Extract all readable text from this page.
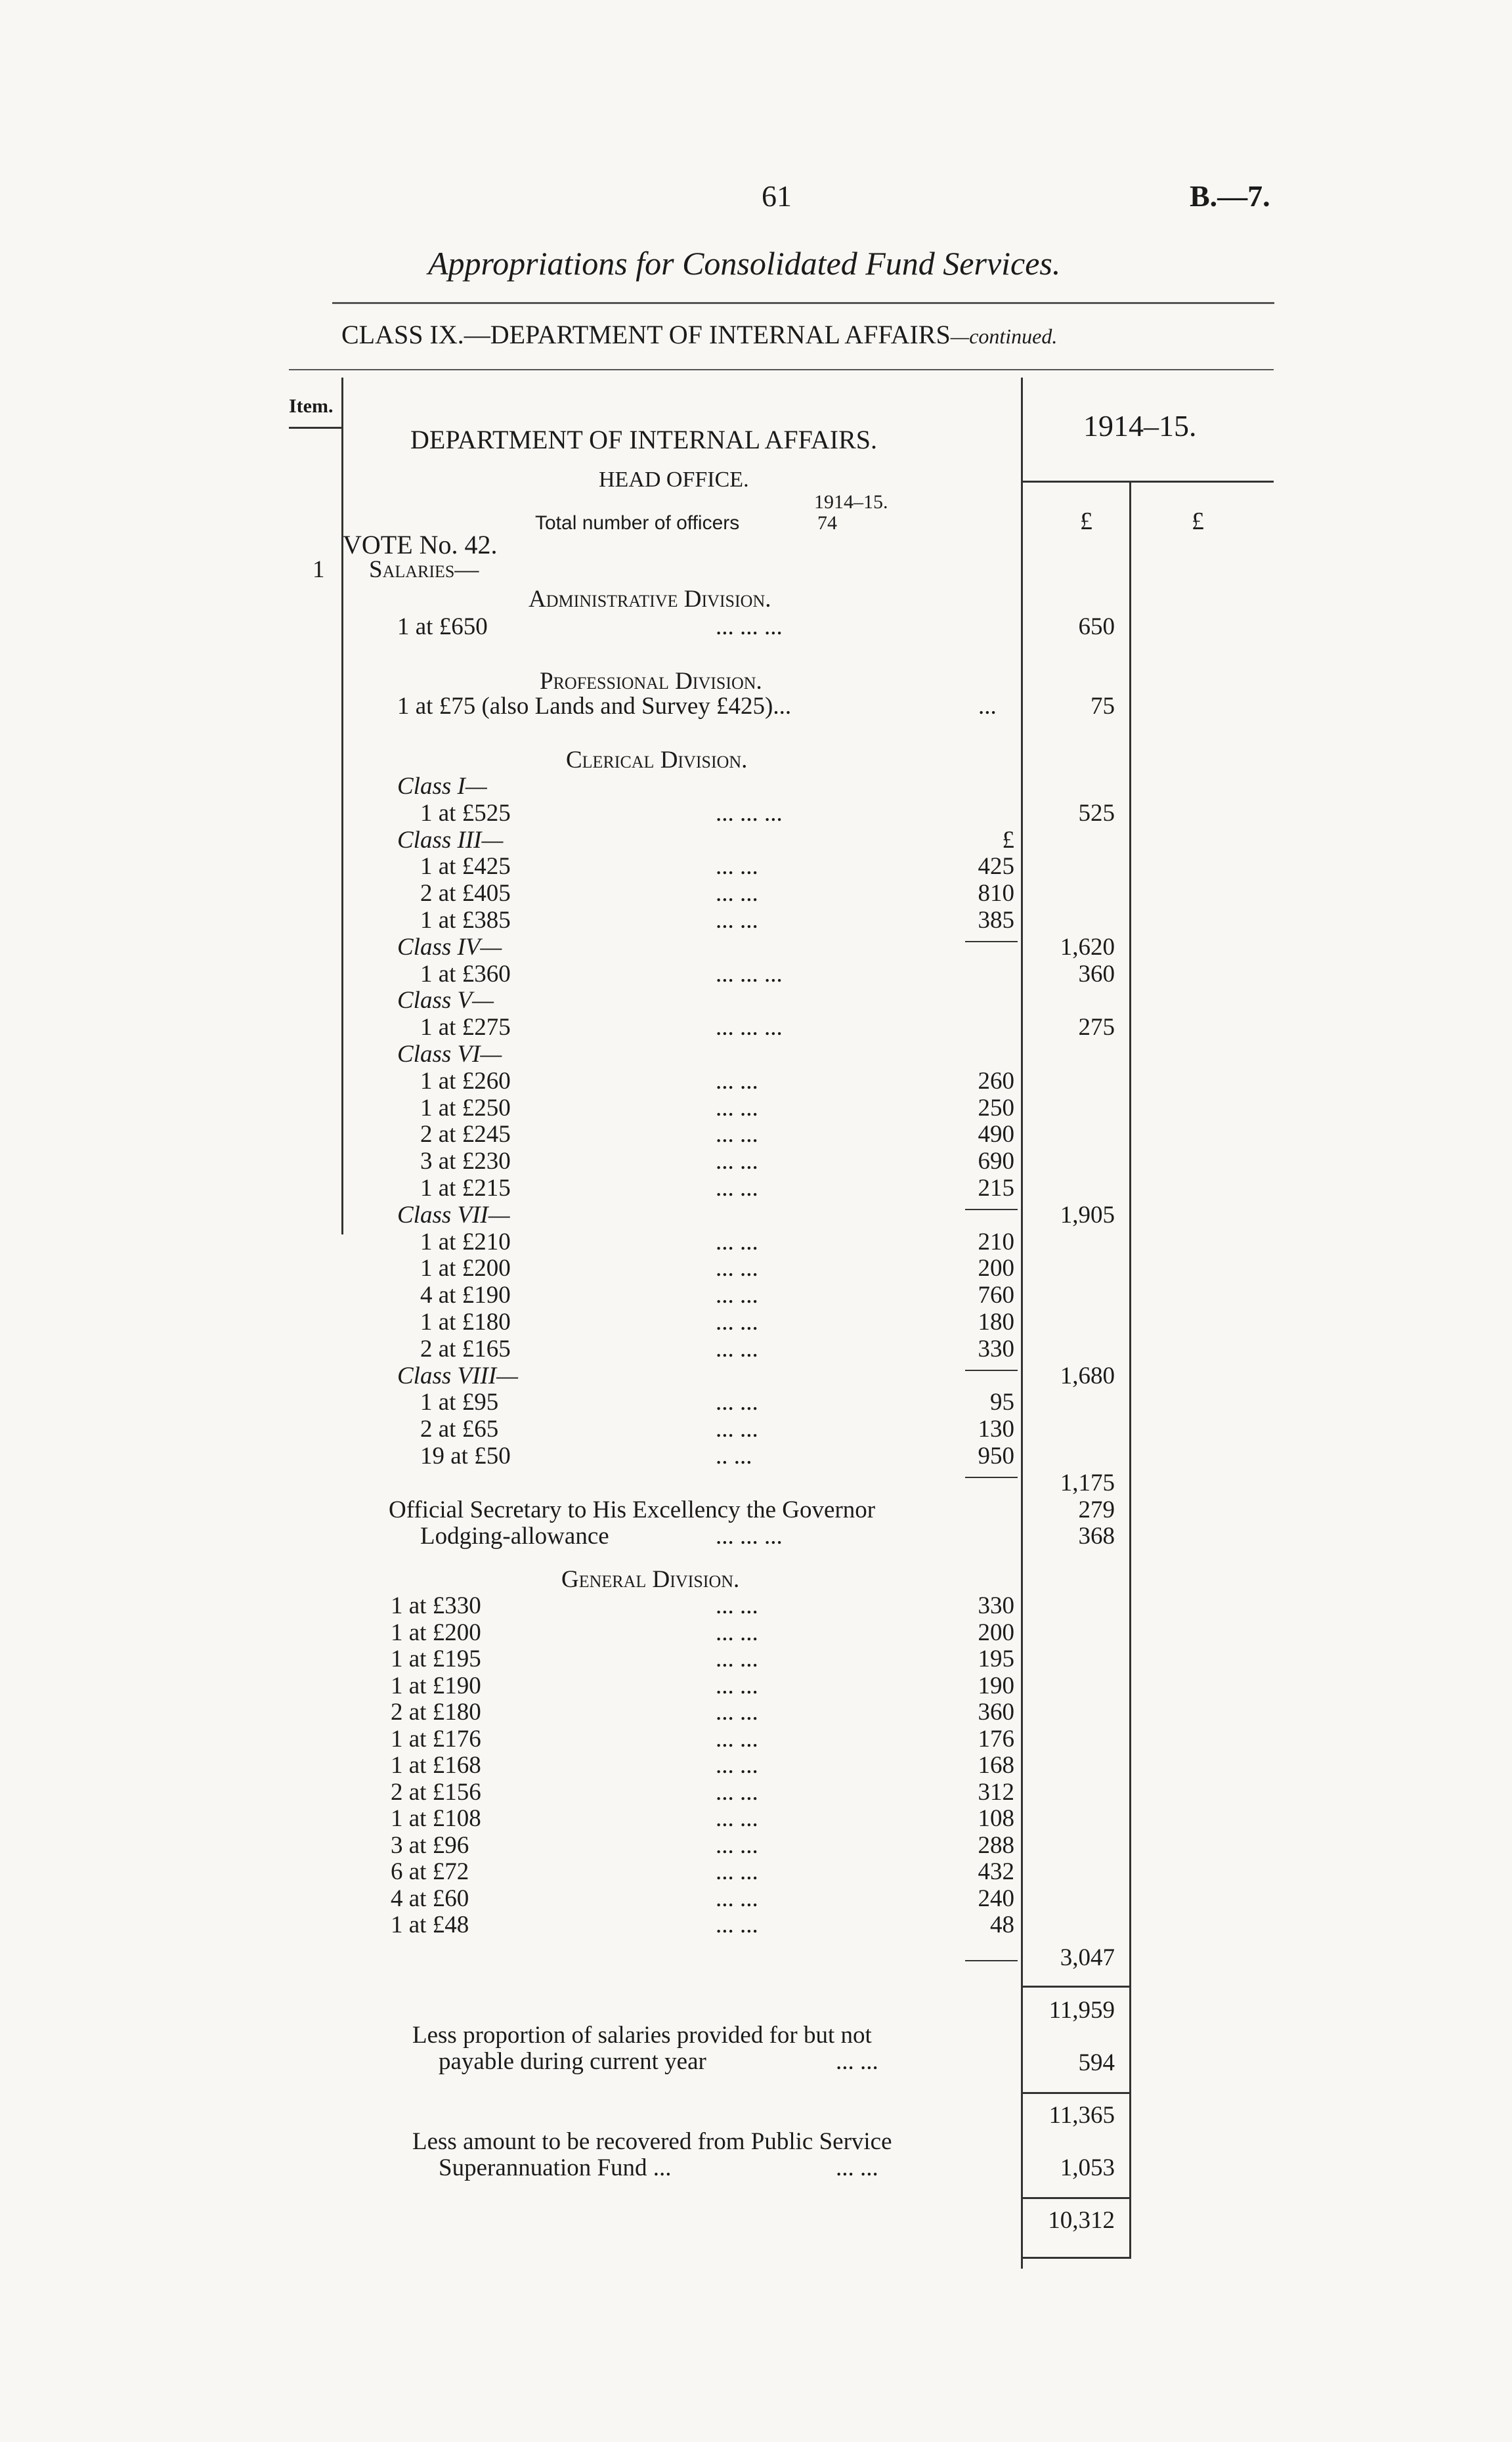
61	B.—7.
Appropriations for Consolidated Fund Services.
CLASS IX.—DEPARTMENT OF INTERNAL AFFAIRS—continued.
Item.
DEPARTMENT OF INTERNAL AFFAIRS.	1914–15.
HEAD OFFICE.
1914–15.
Total number of officers	74	£	£
VOTE No. 42.
1 Salaries—
Administrative Division.
1 at £650	... ... ...	650
Professional Division.
1 at £75 (also Lands and Survey £425)...	...	75
Clerical Division.
Class I—
1 at £525	... ... ...	525
Class III—	£
1 at £425	... ...	425
2 at £405	... ...	810
1 at £385	... ...	385
Class IV—	1,620
1 at £360	... ... ...	360
Class V—
1 at £275	... ... ...	275
Class VI—
1 at £260	... ...	260
1 at £250	... ...	250
2 at £245	... ...	490
3 at £230	... ...	690
1 at £215	... ...	215
Class VII—	1,905
1 at £210	... ...	210
1 at £200	... ...	200
4 at £190	... ...	760
1 at £180	... ...	180
2 at £165	... ...	330
Class VIII—	1,680
1 at £95	... ...	95
2 at £65	... ...	130
19 at £50	.. ...	950
1,175
Official Secretary to His Excellency the Governor	279
Lodging-allowance	... ... ...	368
General Division.
1 at £330	... ...	330
1 at £200	... ...	200
1 at £195	... ...	195
1 at £190	... ...	190
2 at £180	... ...	360
1 at £176	... ...	176
1 at £168	... ...	168
2 at £156	... ...	312
1 at £108	... ...	108
3 at £96	... ...	288
6 at £72	... ...	432
4 at £60	... ...	240
1 at £48	... ...	48
3,047
11,959
Less proportion of salaries provided for but not
payable during current year	... ...	594
11,365
Less amount to be recovered from Public Service
Superannuation Fund ...	... ...	1,053
10,312
